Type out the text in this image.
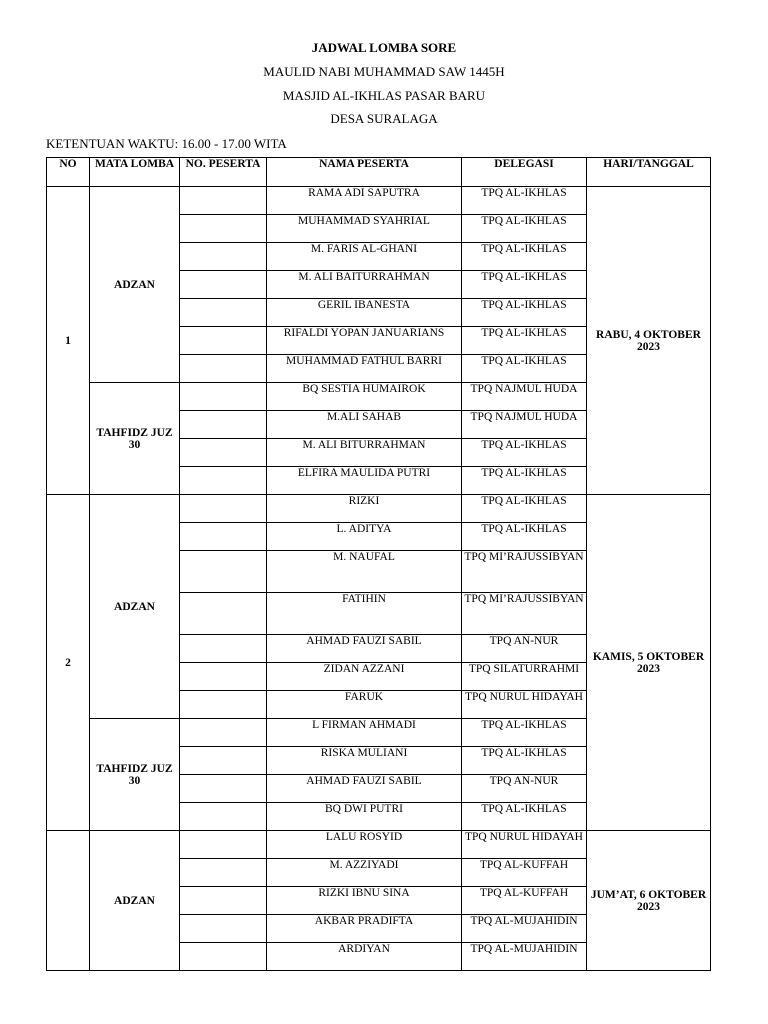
JADWAL LOMBA SORE
MAULID NABI MUHAMMAD SAW 1445H
MASJID AL-IKHLAS PASAR BARU
DESA SURALAGA
KETENTUAN WAKTU: 16.00 - 17.00 WITA
NO	MATA LOMBA	NO. PESERTA	NAMA PESERTA	DELEGASI	HARI/TANGGAL
1	ADZAN		RAMA ADI SAPUTRA	TPQ AL-IKHLAS	RABU, 4 OKTOBER 2023
			MUHAMMAD SYAHRIAL	TPQ AL-IKHLAS	
			M. FARIS AL-GHANI	TPQ AL-IKHLAS	
			M. ALI BAITURRAHMAN	TPQ AL-IKHLAS	
			GERIL IBANESTA	TPQ AL-IKHLAS	
			RIFALDI YOPAN JANUARIANS	TPQ AL-IKHLAS	
			MUHAMMAD FATHUL BARRI	TPQ AL-IKHLAS	
	TAHFIDZ JUZ 30		BQ SESTIA HUMAIROK	TPQ NAJMUL HUDA	
			M.ALI SAHAB	TPQ NAJMUL HUDA	
			M. ALI BITURRAHMAN	TPQ AL-IKHLAS	
			ELFIRA MAULIDA PUTRI	TPQ AL-IKHLAS	
2	ADZAN		RIZKI	TPQ AL-IKHLAS	KAMIS, 5 OKTOBER 2023
			L. ADITYA	TPQ AL-IKHLAS	
			M. NAUFAL	TPQ MI’RAJUSSIBYAN	
			FATIHIN	TPQ MI’RAJUSSIBYAN	
			AHMAD FAUZI SABIL	TPQ AN-NUR	
			ZIDAN AZZANI	TPQ SILATURRAHMI	
			FARUK	TPQ NURUL HIDAYAH	
	TAHFIDZ JUZ 30		L FIRMAN AHMADI	TPQ AL-IKHLAS	
			RISKA MULIANI	TPQ AL-IKHLAS	
			AHMAD FAUZI SABIL	TPQ AN-NUR	
			BQ DWI PUTRI	TPQ AL-IKHLAS	
	ADZAN		LALU ROSYID	TPQ NURUL HIDAYAH	JUM’AT, 6 OKTOBER 2023
			M. AZZIYADI	TPQ AL-KUFFAH	
			RIZKI IBNU SINA	TPQ AL-KUFFAH	
			AKBAR PRADIFTA	TPQ AL-MUJAHIDIN	
			ARDIYAN	TPQ AL-MUJAHIDIN	
